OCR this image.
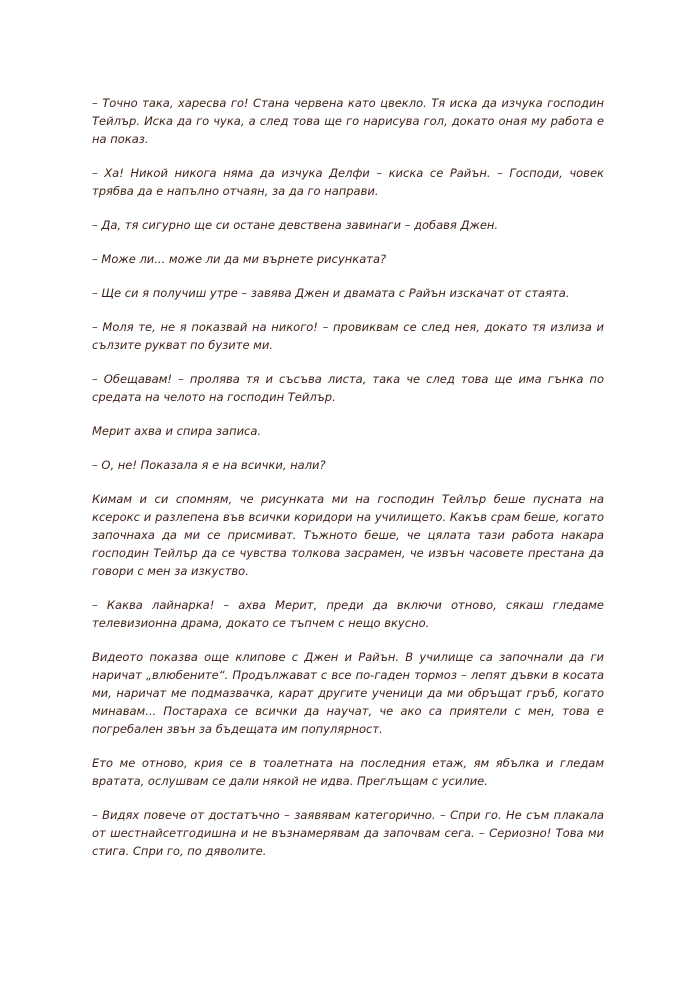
– Точно така, харесва го! Стана червена като цвекло. Тя иска да изчука господин Тейлър. Иска да го чука, а след това ще го нарисува гол, докато оная му работа е на показ.

– Ха! Никой никога няма да изчука Делфи – киска се Райън. – Господи, човек трябва да е напълно отчаян, за да го направи.

– Да, тя сигурно ще си остане девствена завинаги – добавя Джен.

– Може ли... може ли да ми върнете рисунката?

– Ще си я получиш утре – завява Джен и двамата с Райън изскачат от стаята.

– Моля те, не я показвай на никого! – провиквам се след нея, докато тя излиза и сълзите рукват по бузите ми.

– Обещавам! – пролява тя и съсъва листа, така че след това ще има гънка по средата на челото на господин Тейлър.

Мерит ахва и спира записа.

– О, не! Показала я е на всички, нали?

Кимам и си спомням, че рисунката ми на господин Тейлър беше пусната на ксерокс и разлепена във всички коридори на училището. Какъв срам беше, когато започнаха да ми се присмиват. Тъжното беше, че цялата тази работа накара господин Тейлър да се чувства толкова засрамен, че извън часовете престана да говори с мен за изкуство.

– Каква лайнарка! – ахва Мерит, преди да включи отново, сякаш гледаме телевизионна драма, докато се тъпчем с нещо вкусно.

Видеото показва още клипове с Джен и Райън. В училище са започнали да ги наричат „влюбените“. Продължават с все по-гаден тормоз – лепят дъвки в косата ми, наричат ме подмазвачка, карат другите ученици да ми обръщат гръб, когато минавам... Постараха се всички да научат, че ако са приятели с мен, това е погребален звън за бъдещата им популярност.

Ето ме отново, крия се в тоалетната на последния етаж, ям ябълка и гледам вратата, ослушвам се дали някой не идва. Преглъщам с усилие.

– Видях повече от достатъчно – заявявам категорично. – Спри го. Не съм плакала от шестнайсетгодишна и не възнамерявам да започвам сега. – Сериозно! Това ми стига. Спри го, по дяволите.
